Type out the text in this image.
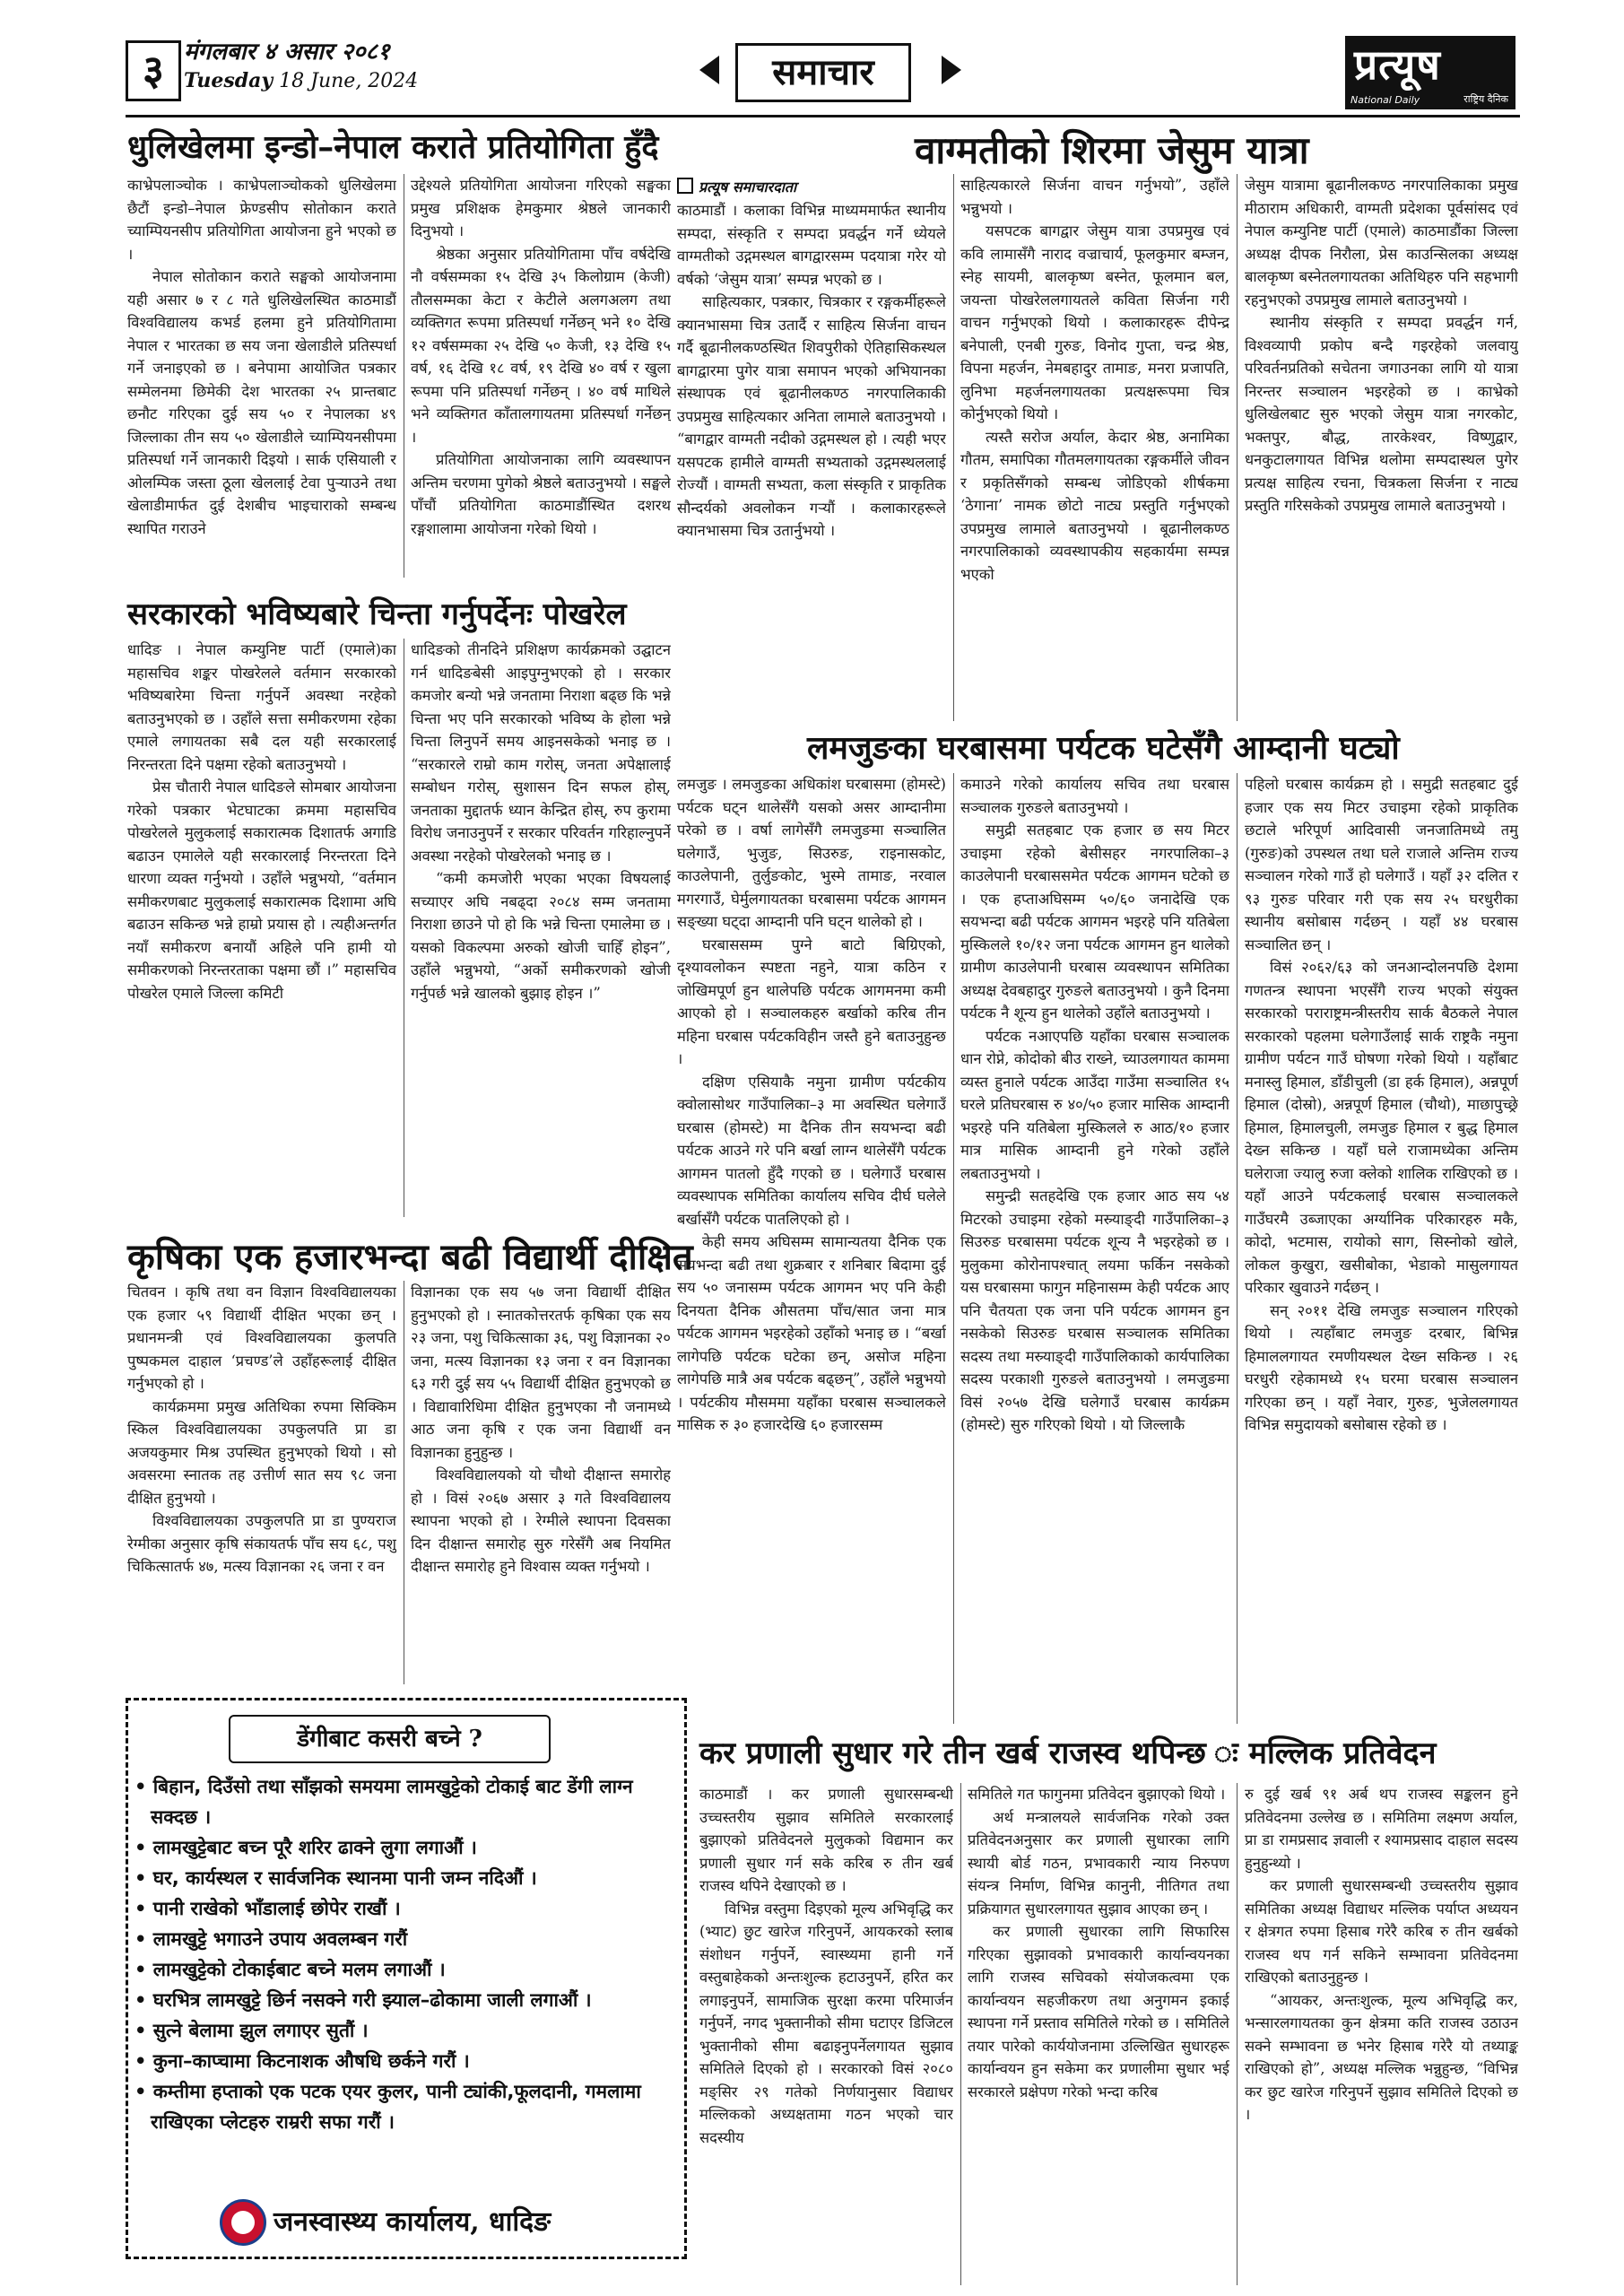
३ मंगलबार ४ असार २०८१
Tuesday 18 June, 2024	समाचार	प्रत्यूष
National Daily	राष्ट्रिय दैनिक
धुलिखेलमा इन्डो–नेपाल कराते प्रतियोगिता हुँदै	वाग्मतीको शिरमा जेसुम यात्रा
प्रत्यूष समाचारदाता

काभ्रेपलाञ्चोक । काभ्रेपलाञ्चोकको धुलिखेलमा छैटौं इन्डो–नेपाल फ्रेण्डसीप सोतोकान कराते च्याम्पियनसीप प्रतियोगिता आयोजना हुने भएको छ ।

नेपाल सोतोकान कराते सङ्घको आयोजनामा यही असार ७ र ८ गते धुलिखेलस्थित काठमाडौं विश्वविद्यालय कभर्ड हलमा हुने प्रतियोगितामा नेपाल र भारतका छ सय जना खेलाडीले प्रतिस्पर्धा गर्ने जनाइएको छ । बनेपामा आयोजित पत्रकार सम्मेलनमा छिमेकी देश भारतका २५ प्रान्तबाट छनौट गरिएका दुई सय ५० र नेपालका ४९ जिल्लाका तीन सय ५० खेलाडीले च्याम्पियनसीपमा प्रतिस्पर्धा गर्ने जानकारी दिइयो । सार्क एसियाली र ओलम्पिक जस्ता ठूला खेललाई टेवा पुऱ्याउने तथा खेलाडीमार्फत दुई देशबीच भाइचाराको सम्बन्ध स्थापित गराउने

उद्देश्यले प्रतियोगिता आयोजना गरिएको सङ्घका प्रमुख प्रशिक्षक हेमकुमार श्रेष्ठले जानकारी दिनुभयो ।

श्रेष्ठका अनुसार प्रतियोगितामा पाँच वर्षदेखि नौ वर्षसम्मका १५ देखि ३५ किलोग्राम (केजी) तौलसम्मका केटा र केटीले अलगअलग तथा व्यक्तिगत रूपमा प्रतिस्पर्धा गर्नेछन् भने १० देखि १२ वर्षसम्मका २५ देखि ५० केजी, १३ देखि १५ वर्ष, १६ देखि १८ वर्ष, १९ देखि ४० वर्ष र खुला रूपमा पनि प्रतिस्पर्धा गर्नेछन् । ४० वर्ष माथिले भने व्यक्तिगत काँतालगायतमा प्रतिस्पर्धा गर्नेछन् ।

प्रतियोगिता आयोजनाका लागि व्यवस्थापन अन्तिम चरणमा पुगेको श्रेष्ठले बताउनुभयो । सङ्घले पाँचौं प्रतियोगिता काठमाडौंस्थित दशरथ रङ्गशालामा आयोजना गरेको थियो ।

काठमाडौं । कलाका विभिन्न माध्यममार्फत स्थानीय सम्पदा, संस्कृति र सम्पदा प्रवर्द्धन गर्ने ध्येयले वाग्मतीको उद्गमस्थल बागद्वारसम्म पदयात्रा गरेर यो वर्षको ‘जेसुम यात्रा’ सम्पन्न भएको छ ।

साहित्यकार, पत्रकार, चित्रकार र रङ्गकर्मीहरूले क्यानभासमा चित्र उतार्दै र साहित्य सिर्जना वाचन गर्दै बूढानीलकण्ठस्थित शिवपुरीको ऐतिहासिकस्थल बागद्वारमा पुगेर यात्रा समापन भएको अभियानका संस्थापक एवं बूढानीलकण्ठ नगरपालिकाकी उपप्रमुख साहित्यकार अनिता लामाले बताउनुभयो । “बागद्वार वाग्मती नदीको उद्गमस्थल हो । त्यही भएर यसपटक हामीले वाग्मती सभ्यताको उद्गमस्थललाई रोज्यौं । वाग्मती सभ्यता, कला संस्कृति र प्राकृतिक सौन्दर्यको अवलोकन गऱ्यौं । कलाकारहरूले क्यानभासमा चित्र उतार्नुभयो ।

साहित्यकारले सिर्जना वाचन गर्नुभयो”, उहाँले भन्नुभयो ।

यसपटक बागद्वार जेसुम यात्रा उपप्रमुख एवं कवि लामासँगै नाराद वज्राचार्य, फूलकुमार बम्जन, स्नेह सायमी, बालकृष्ण बस्नेत, फूलमान बल, जयन्ता पोखरेललगायतले कविता सिर्जना गरी वाचन गर्नुभएको थियो । कलाकारहरू दीपेन्द्र बनेपाली, एनबी गुरुङ, विनोद गुप्ता, चन्द्र श्रेष्ठ, विपना महर्जन, नेमबहादुर तामाङ, मनरा प्रजापति, लुनिभा महर्जनलगायतका प्रत्यक्षरूपमा चित्र कोर्नुभएको थियो ।

त्यस्तै सरोज अर्याल, केदार श्रेष्ठ, अनामिका गौतम, समापिका गौतमलगायतका रङ्गकर्मीले जीवन र प्रकृतिसँगको सम्बन्ध जोडिएको शीर्षकमा ‘ठेगाना’ नामक छोटो नाट्य प्रस्तुति गर्नुभएको उपप्रमुख लामाले बताउनुभयो । बूढानीलकण्ठ नगरपालिकाको व्यवस्थापकीय सहकार्यमा सम्पन्न भएको

जेसुम यात्रामा बूढानीलकण्ठ नगरपालिकाका प्रमुख मीठाराम अधिकारी, वाग्मती प्रदेशका पूर्वसांसद एवं नेपाल कम्युनिष्ट पार्टी (एमाले) काठमाडौंका जिल्ला अध्यक्ष दीपक निरौला, प्रेस काउन्सिलका अध्यक्ष बालकृष्ण बस्नेतलगायतका अतिथिहरु पनि सहभागी रहनुभएको उपप्रमुख लामाले बताउनुभयो ।

स्थानीय संस्कृति र सम्पदा प्रवर्द्धन गर्न, विश्वव्यापी प्रकोप बन्दै गइरहेको जलवायु परिवर्तनप्रतिको सचेतना जगाउनका लागि यो यात्रा निरन्तर सञ्चालन भइरहेको छ । काभ्रेको धुलिखेलबाट सुरु भएको जेसुम यात्रा नगरकोट, भक्तपुर, बौद्ध, तारकेश्वर, विष्णुद्वार, धनकुटालगायत विभिन्न थलोमा सम्पदास्थल पुगेर प्रत्यक्ष साहित्य रचना, चित्रकला सिर्जना र नाट्य प्रस्तुति गरिसकेको उपप्रमुख लामाले बताउनुभयो ।

सरकारको भविष्यबारे चिन्ता गर्नुपर्देनः पोखरेल

धादिङ । नेपाल कम्युनिष्ट पार्टी (एमाले)का महासचिव शङ्कर पोखरेलले वर्तमान सरकारको भविष्यबारेमा चिन्ता गर्नुपर्ने अवस्था नरहेको बताउनुभएको छ । उहाँले सत्ता समीकरणमा रहेका एमाले लगायतका सबै दल यही सरकारलाई निरन्तरता दिने पक्षमा रहेको बताउनुभयो ।

प्रेस चौतारी नेपाल धादिङले सोमबार आयोजना गरेको पत्रकार भेटघाटका क्रममा महासचिव पोखरेलले मुलुकलाई सकारात्मक दिशातर्फ अगाडि बढाउन एमालेले यही सरकारलाई निरन्तरता दिने धारणा व्यक्त गर्नुभयो । उहाँले भन्नुभयो, “वर्तमान समीकरणबाट मुलुकलाई सकारात्मक दिशामा अघि बढाउन सकिन्छ भन्ने हाम्रो प्रयास हो । त्यहीअन्तर्गत नयाँ समीकरण बनायौं अहिले पनि हामी यो समीकरणको निरन्तरताका पक्षमा छौं ।” महासचिव पोखरेल एमाले जिल्ला कमिटी

धादिङको तीनदिने प्रशिक्षण कार्यक्रमको उद्घाटन गर्न धादिङबेसी आइपुग्नुभएको हो । सरकार कमजोर बन्यो भन्ने जनतामा निराशा बढ्छ कि भन्ने चिन्ता भए पनि सरकारको भविष्य के होला भन्ने चिन्ता लिनुपर्ने समय आइनसकेको भनाइ छ । “सरकारले राम्रो काम गरोस्, जनता अपेक्षालाई सम्बोधन गरोस्, सुशासन दिन सफल होस्, जनताका मुद्दातर्फ ध्यान केन्द्रित होस्, रुप कुरामा विरोध जनाउनुपर्ने र सरकार परिवर्तन गरिहाल्नुपर्ने अवस्था नरहेको पोखरेलको भनाइ छ ।

“कमी कमजोरी भएका भएका विषयलाई सच्याएर अघि नबढ्दा २०८४ सम्म जनतामा निराशा छाउने पो हो कि भन्ने चिन्ता एमालेमा छ । यसको विकल्पमा अरुको खोजी चाहिँ होइन”, उहाँले भन्नुभयो, “अर्को समीकरणको खोजी गर्नुपर्छ भन्ने खालको बुझाइ होइन ।”

लमजुङका घरबासमा पर्यटक घटेसँगै आम्दानी घट्यो

लमजुङ । लमजुङका अधिकांश घरबासमा (होमस्टे) पर्यटक घट्न थालेसँगै यसको असर आम्दानीमा परेको छ । वर्षा लागेसँगै लमजुङमा सञ्चालित घलेगाउँ, भुजुङ, सिउरुङ, राइनासकोट, काउलेपानी, तुर्लुङकोट, भुस्मे तामाङ, नरवाल मगरगाउँ, घेर्मुलगायतका घरबासमा पर्यटक आगमन सङ्ख्या घट्दा आम्दानी पनि घट्न थालेको हो ।

घरबाससम्म पुग्ने बाटो बिग्रिएको, दृश्यावलोकन स्पष्टता नहुने, यात्रा कठिन र जोखिमपूर्ण हुन थालेपछि पर्यटक आगमनमा कमी आएको हो । सञ्चालकहरु बर्खाको करिब तीन महिना घरबास पर्यटकविहीन जस्तै हुने बताउनुहुन्छ ।

दक्षिण एसियाकै नमुना ग्रामीण पर्यटकीय क्वोलासोथर गाउँपालिका–३ मा अवस्थित घलेगाउँ घरबास (होमस्टे) मा दैनिक तीन सयभन्दा बढी पर्यटक आउने गरे पनि बर्खा लाग्न थालेसँगै पर्यटक आगमन पातलो हुँदै गएको छ । घलेगाउँ घरबास व्यवस्थापक समितिका कार्यालय सचिव दीर्घ घलेले बर्खासँगै पर्यटक पातलिएको हो ।

केही समय अघिसम्म सामान्यतया दैनिक एक सयभन्दा बढी तथा शुक्रबार र शनिबार बिदामा दुई सय ५० जनासम्म पर्यटक आगमन भए पनि केही दिनयता दैनिक औसतमा पाँच/सात जना मात्र पर्यटक आगमन भइरहेको उहाँको भनाइ छ । “बर्खा लागेपछि पर्यटक घटेका छन्, असोज महिना लागेपछि मात्रै अब पर्यटक बढ्छन्”, उहाँले भन्नुभयो । पर्यटकीय मौसममा यहाँका घरबास सञ्चालकले मासिक रु ३० हजारदेखि ६० हजारसम्म

कमाउने गरेको कार्यालय सचिव तथा घरबास सञ्चालक गुरुङले बताउनुभयो ।

समुद्री सतहबाट एक हजार छ सय मिटर उचाइमा रहेको बेसीसहर नगरपालिका–३ काउलेपानी घरबाससमेत पर्यटक आगमन घटेको छ । एक हप्ताअघिसम्म ५०/६० जनादेखि एक सयभन्दा बढी पर्यटक आगमन भइरहे पनि यतिबेला मुस्किलले १०/१२ जना पर्यटक आगमन हुन थालेको ग्रामीण काउलेपानी घरबास व्यवस्थापन समितिका अध्यक्ष देवबहादुर गुरुङले बताउनुभयो । कुनै दिनमा पर्यटक नै शून्य हुन थालेको उहाँले बताउनुभयो ।

पर्यटक नआएपछि यहाँका घरबास सञ्चालक धान रोप्ने, कोदोको बीउ राख्ने, च्याउलगायत काममा व्यस्त हुनाले पर्यटक आउँदा गाउँमा सञ्चालित १५ घरले प्रतिघरबास रु ४०/५० हजार मासिक आम्दानी भइरहे पनि यतिबेला मुस्किलले रु आठ/१० हजार मात्र मासिक आम्दानी हुने गरेको उहाँले लबताउनुभयो ।

समुन्द्री सतहदेखि एक हजार आठ सय ५४ मिटरको उचाइमा रहेको मस्र्याङ्दी गाउँपालिका–३ सिउरुङ घरबासमा पर्यटक शून्य नै भइरहेको छ । मुलुकमा कोरोनापश्चात् लयमा फर्किन नसकेको यस घरबासमा फागुन महिनासम्म केही पर्यटक आए पनि चैतयता एक जना पनि पर्यटक आगमन हुन नसकेको सिउरुङ घरबास सञ्चालक समितिका सदस्य तथा मस्र्याङ्दी गाउँपालिकाको कार्यपालिका सदस्य परकाशी गुरुङले बताउनुभयो । लमजुङमा विसं २०५७ देखि घलेगाउँ घरबास कार्यक्रम (होमस्टे) सुरु गरिएको थियो । यो जिल्लाकै

पहिलो घरबास कार्यक्रम हो । समुद्री सतहबाट दुई हजार एक सय मिटर उचाइमा रहेको प्राकृतिक छटाले भरिपूर्ण आदिवासी जनजातिमध्ये तमु (गुरुङ)को उपस्थल तथा घले राजाले अन्तिम राज्य सञ्चालन गरेको गाउँ हो घलेगाउँ । यहाँ ३२ दलित र ९३ गुरुङ परिवार गरी एक सय २५ घरधुरीका स्थानीय बसोबास गर्दछन् । यहाँ ४४ घरबास सञ्चालित छन् ।

विसं २०६२/६३ को जनआन्दोलनपछि देशमा गणतन्त्र स्थापना भएसँगै राज्य भएको संयुक्त सरकारको पराराष्ट्रमन्त्रीस्तरीय सार्क बैठकले नेपाल सरकारको पहलमा घलेगाउँलाई सार्क राष्ट्रकै नमुना ग्रामीण पर्यटन गाउँ घोषणा गरेको थियो । यहाँबाट मनास्लु हिमाल, डाँडीचुली (डा हर्क हिमाल), अन्नपूर्ण हिमाल (दोस्रो), अन्नपूर्ण हिमाल (चौथो), माछापुच्छ्रे हिमाल, हिमालचुली, लमजुङ हिमाल र बुद्ध हिमाल देख्न सकिन्छ । यहाँ घले राजामध्येका अन्तिम घलेराजा ज्यालु रुजा क्लेको शालिक राखिएको छ । यहाँ आउने पर्यटकलाई घरबास सञ्चालकले गाउँघरमै उब्जाएका अर्ग्यानिक परिकारहरु मकै, कोदो, भटमास, रायोको साग, सिस्नोको खोले, लोकल कुखुरा, खसीबोका, भेडाको मासुलगायत परिकार खुवाउने गर्दछन् ।

सन् २०११ देखि लमजुङ सञ्चालन गरिएको थियो । त्यहाँबाट लमजुङ दरबार, बिभिन्न हिमाललगायत रमणीयस्थल देख्न सकिन्छ । २६ घरधुरी रहेकामध्ये १५ घरमा घरबास सञ्चालन गरिएका छन् । यहाँ नेवार, गुरुङ, भुजेललगायत विभिन्न समुदायको बसोबास रहेको छ ।

कृषिका एक हजारभन्दा बढी विद्यार्थी दीक्षित

चितवन । कृषि तथा वन विज्ञान विश्वविद्यालयका एक हजार ५९ विद्यार्थी दीक्षित भएका छन् । प्रधानमन्त्री एवं विश्वविद्यालयका कुलपति पुष्पकमल दाहाल ‘प्रचण्ड’ले उहाँहरूलाई दीक्षित गर्नुभएको हो ।

कार्यक्रममा प्रमुख अतिथिका रुपमा सिक्किम स्किल विश्वविद्यालयका उपकुलपति प्रा डा अजयकुमार मिश्र उपस्थित हुनुभएको थियो । सो अवसरमा स्नातक तह उत्तीर्ण सात सय ९८ जना दीक्षित हुनुभयो ।

विश्वविद्यालयका उपकुलपति प्रा डा पुण्यराज रेग्मीका अनुसार कृषि संकायतर्फ पाँच सय ६८, पशु चिकित्सातर्फ ४७, मत्स्य विज्ञानका २६ जना र वन

विज्ञानका एक सय ५७ जना विद्यार्थी दीक्षित हुनुभएको हो । स्नातकोत्तरतर्फ कृषिका एक सय २३ जना, पशु चिकित्साका ३६, पशु विज्ञानका २० जना, मत्स्य विज्ञानका १३ जना र वन विज्ञानका ६३ गरी दुई सय ५५ विद्यार्थी दीक्षित हुनुभएको छ । विद्यावारिधिमा दीक्षित हुनुभएका नौ जनामध्ये आठ जना कृषि र एक जना विद्यार्थी वन विज्ञानका हुनुहुन्छ ।

विश्वविद्यालयको यो चौथो दीक्षान्त समारोह हो । विसं २०६७ असार ३ गते विश्वविद्यालय स्थापना भएको हो । रेग्मीले स्थापना दिवसका दिन दीक्षान्त समारोह सुरु गरेसँगै अब नियमित दीक्षान्त समारोह हुने विश्वास व्यक्त गर्नुभयो ।

डेंगीबाट कसरी बच्ने ?
• बिहान, दिउँसो तथा साँझको समयमा लामखुट्टेको टोकाई बाट डेंगी लाग्न सक्दछ ।
• लामखुट्टेबाट बच्न पूरै शरिर ढाक्ने लुगा लगाऔं ।
• घर, कार्यस्थल र सार्वजनिक स्थानमा पानी जम्न नदिऔं ।
• पानी राखेको भाँडालाई छोपेर राखौं ।
• लामखुट्टे भगाउने उपाय अवलम्बन गरौं
• लामखुट्टेको टोकाईबाट बच्ने मलम लगाऔं ।
• घरभित्र लामखुट्टे छिर्न नसक्ने गरी झ्याल–ढोकामा जाली लगाऔं ।
• सुत्ने बेलामा झुल लगाएर सुतौं ।
• कुना–काप्चामा किटनाशक औषधि छर्कने गरौं ।
• कम्तीमा हप्ताको एक पटक एयर कुलर, पानी ट्यांकी,फूलदानी, गमलामा राखिएका प्लेटहरु राम्ररी सफा गरौं ।
जनस्वास्थ्य कार्यालय, धादिङ
कर प्रणाली सुधार गरे तीन खर्ब राजस्व थपिन्छ ः मल्लिक प्रतिवेदन

काठमाडौं । कर प्रणाली सुधारसम्बन्धी उच्चस्तरीय सुझाव समितिले सरकारलाई बुझाएको प्रतिवेदनले मुलुकको विद्यमान कर प्रणाली सुधार गर्न सके करिब रु तीन खर्ब राजस्व थपिने देखाएको छ ।

विभिन्न वस्तुमा दिइएको मूल्य अभिवृद्धि कर (भ्याट) छुट खारेज गरिनुपर्ने, आयकरको स्लाब संशोधन गर्नुपर्ने, स्वास्थ्यमा हानी गर्ने वस्तुबाहेकको अन्तःशुल्क हटाउनुपर्ने, हरित कर लगाइनुपर्ने, सामाजिक सुरक्षा करमा परिमार्जन गर्नुपर्ने, नगद भुक्तानीको सीमा घटाएर डिजिटल भुक्तानीको सीमा बढाइनुपर्नेलगायत सुझाव समितिले दिएको हो । सरकारको विसं २०८० मङ्सिर २९ गतेको निर्णयानुसार विद्याधर मल्लिकको अध्यक्षतामा गठन भएको चार सदस्यीय

समितिले गत फागुनमा प्रतिवेदन बुझाएको थियो ।

अर्थ मन्त्रालयले सार्वजनिक गरेको उक्त प्रतिवेदनअनुसार कर प्रणाली सुधारका लागि स्थायी बोर्ड गठन, प्रभावकारी न्याय निरुपण संयन्त्र निर्माण, विभिन्न कानुनी, नीतिगत तथा प्रक्रियागत सुधारलगायत सुझाव आएका छन् ।

कर प्रणाली सुधारका लागि सिफारिस गरिएका सुझावको प्रभावकारी कार्यान्वयनका लागि राजस्व सचिवको संयोजकत्वमा एक कार्यान्वयन सहजीकरण तथा अनुगमन इकाई स्थापना गर्ने प्रस्ताव समितिले गरेको छ । समितिले तयार पारेको कार्ययोजनामा उल्लिखित सुधारहरू कार्यान्वयन हुन सकेमा कर प्रणालीमा सुधार भई सरकारले प्रक्षेपण गरेको भन्दा करिब

रु दुई खर्ब ९१ अर्ब थप राजस्व सङ्कलन हुने प्रतिवेदनमा उल्लेख छ । समितिमा लक्ष्मण अर्याल, प्रा डा रामप्रसाद ज्ञवाली र श्यामप्रसाद दाहाल सदस्य हुनुहुन्थ्यो ।

कर प्रणाली सुधारसम्बन्धी उच्चस्तरीय सुझाव समितिका अध्यक्ष विद्याधर मल्लिक पर्याप्त अध्ययन र क्षेत्रगत रुपमा हिसाब गरेरै करिब रु तीन खर्बको राजस्व थप गर्न सकिने सम्भावना प्रतिवेदनमा राखिएको बताउनुहुन्छ ।

“आयकर, अन्तःशुल्क, मूल्य अभिवृद्धि कर, भन्सारलगायतका कुन क्षेत्रमा कति राजस्व उठाउन सक्ने सम्भावना छ भनेर हिसाब गरेरै यो तथ्याङ्क राखिएको हो”, अध्यक्ष मल्लिक भन्नुहुन्छ, “विभिन्न कर छुट खारेज गरिनुपर्ने सुझाव समितिले दिएको छ ।
